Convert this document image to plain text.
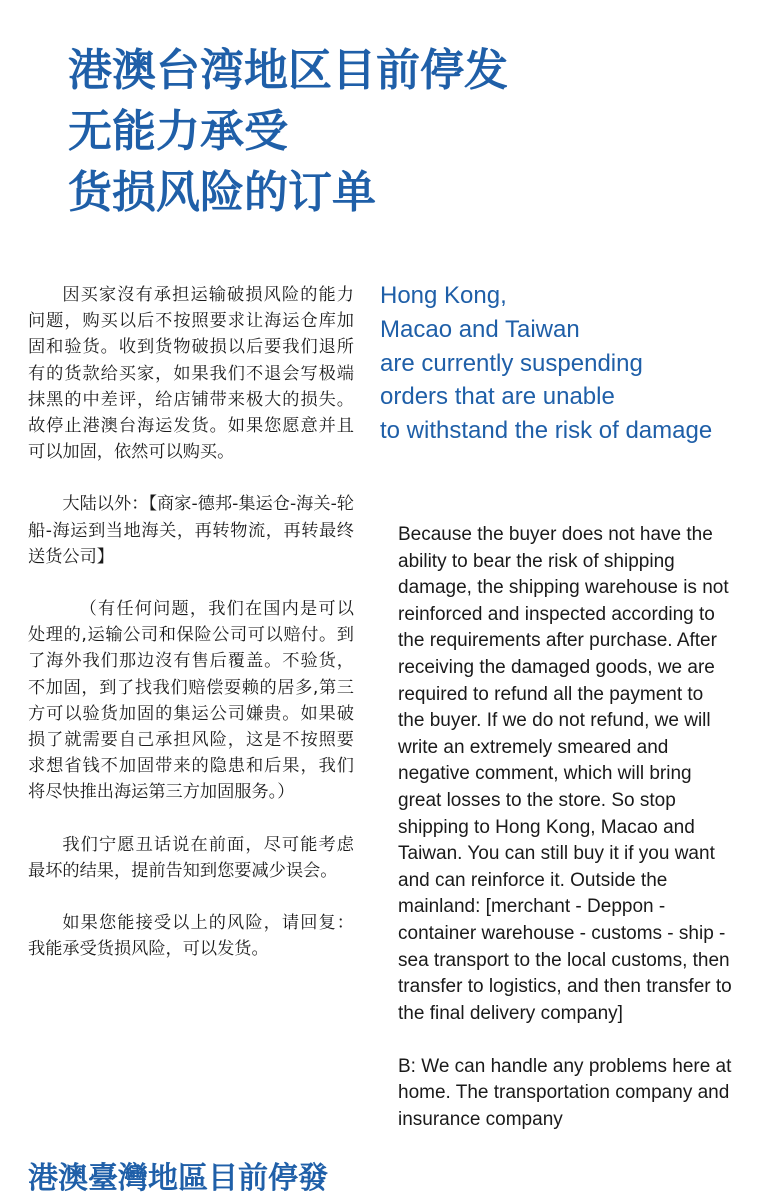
港澳台湾地区目前停发
无能力承受
货损风险的订单

因买家沒有承担运输破损风险的能力问题，购买以后不按照要求让海运仓库加固和验货。收到货物破损以后要我们退所有的货款给买家，如果我们不退会写极端抹黑的中差评，给店铺带来极大的损失。故停止港澳台海运发货。如果您愿意并且可以加固，依然可以购买。

大陆以外：【商家-德邦-集运仓-海关-轮船-海运到当地海关，再转物流，再转最终送货公司】

（有任何问题，我们在国内是可以处理的,运输公司和保险公司可以赔付。到了海外我们那边沒有售后覆盖。不验货，不加固，到了找我们赔偿耍赖的居多,第三方可以验货加固的集运公司嫌贵。如果破损了就需要自己承担风险，这是不按照要求想省钱不加固带来的隐患和后果，我们将尽快推出海运第三方加固服务。）

我们宁愿丑话说在前面，尽可能考虑最坏的结果，提前告知到您要减少误会。

如果您能接受以上的风险，请回复：我能承受货损风险，可以发货。

Hong Kong,
Macao and Taiwan
are currently suspending
orders that are unable
to withstand the risk of damage

Because the buyer does not have the ability to bear the risk of shipping damage, the shipping warehouse is not reinforced and inspected according to the requirements after purchase. After receiving the damaged goods, we are required to refund all the payment to the buyer. If we do not refund, we will write an extremely smeared and negative comment, which will bring great losses to the store. So stop shipping to Hong Kong, Macao and Taiwan. You can still buy it if you want and can reinforce it. Outside the mainland: [merchant - Deppon - container warehouse - customs - ship - sea transport to the local customs, then transfer to logistics, and then transfer to the final delivery company]

B: We can handle any problems here at home. The transportation company and insurance company

港澳臺灣地區目前停發
